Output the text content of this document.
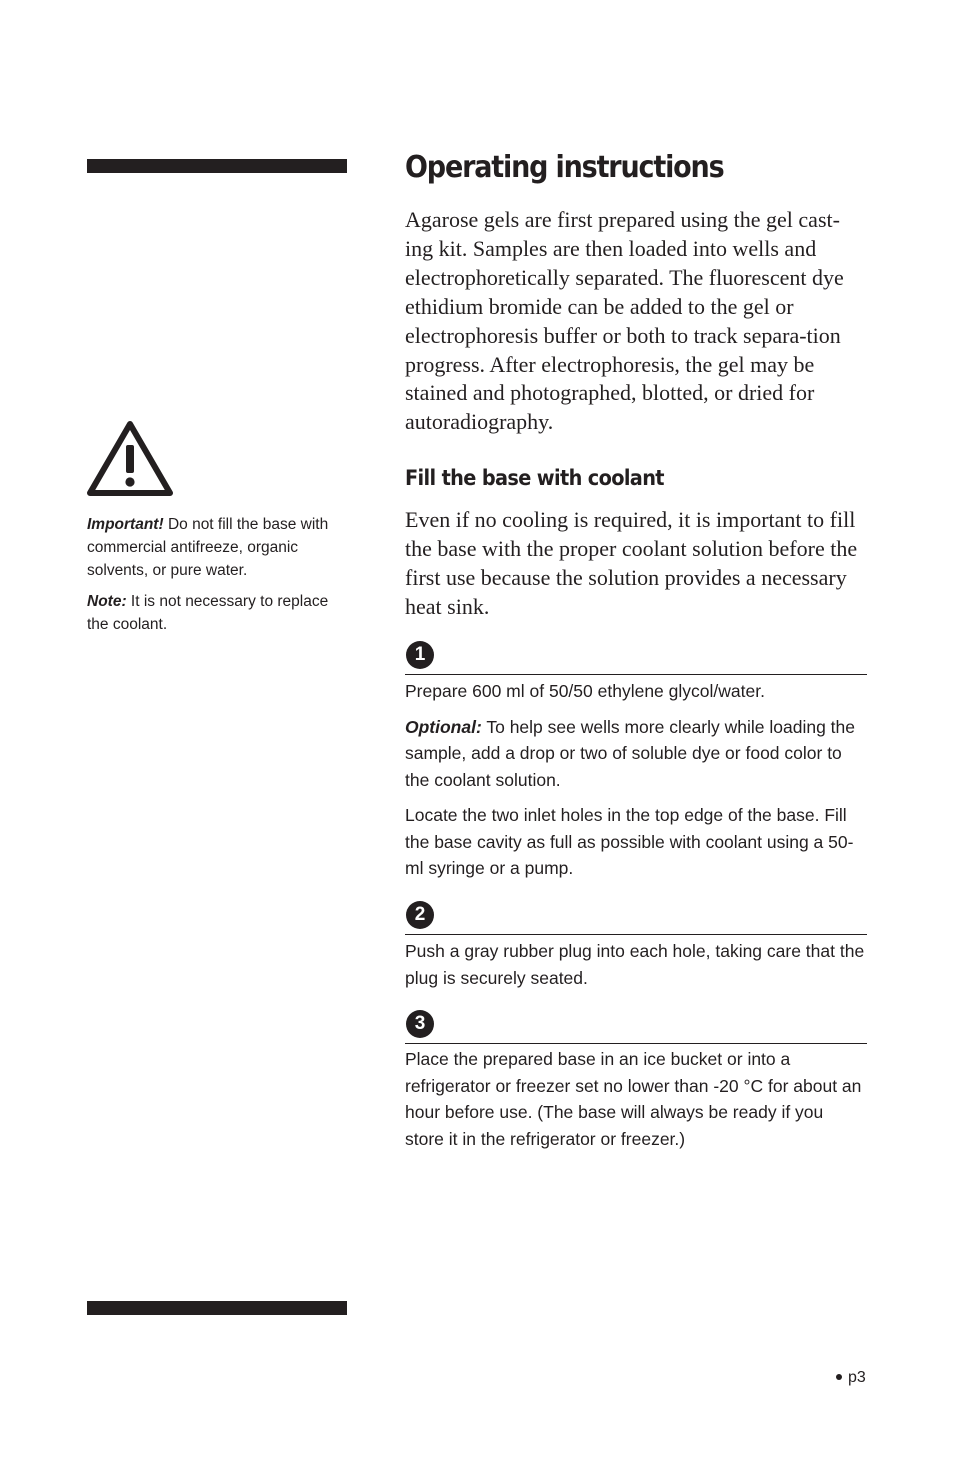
Important! Do not fill the base with commercial antifreeze, organic solvents, or pure water.
Note: It is not necessary to replace the coolant.
Operating instructions

Agarose gels are first prepared using the gel cast-ing kit. Samples are then loaded into wells and electrophoretically separated. The fluorescent dye ethidium bromide can be added to the gel or electrophoresis buffer or both to track separa-tion progress. After electrophoresis, the gel may be stained and photographed, blotted, or dried for autoradiography.

Fill the base with coolant

Even if no cooling is required, it is important to fill the base with the proper coolant solution before the first use because the solution provides a necessary heat sink.

1

Prepare 600 ml of 50/50 ethylene glycol/water.

Optional: To help see wells more clearly while loading the sample, add a drop or two of soluble dye or food color to the coolant solution.

Locate the two inlet holes in the top edge of the base. Fill the base cavity as full as possible with coolant using a 50-ml syringe or a pump.

2

Push a gray rubber plug into each hole, taking care that the plug is securely seated.

3

Place the prepared base in an ice bucket or into a refrigerator or freezer set no lower than -20 °C for about an hour before use. (The base will always be ready if you store it in the refrigerator or freezer.)

p3
